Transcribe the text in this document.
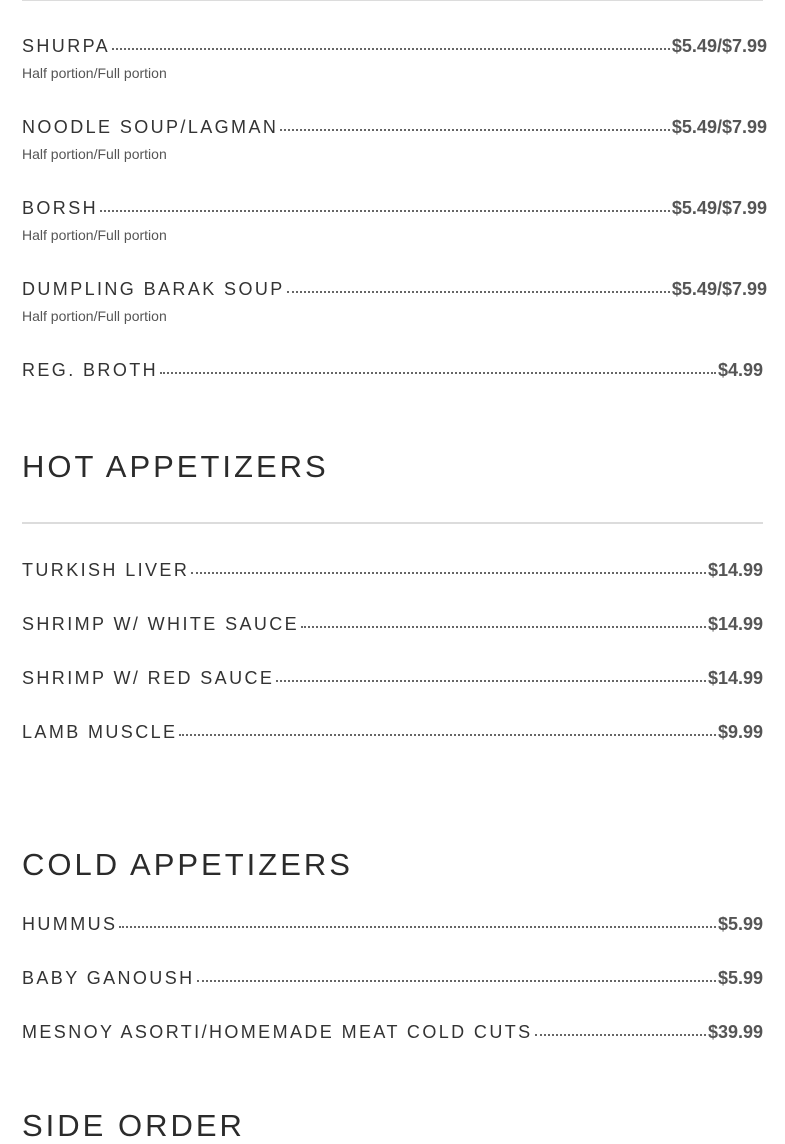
SHURPA	$5.49/$7.99
Half portion/Full portion
NOODLE SOUP/LAGMAN	$5.49/$7.99
Half portion/Full portion
BORSH	$5.49/$7.99
Half portion/Full portion
DUMPLING BARAK SOUP	$5.49/$7.99
Half portion/Full portion
REG. BROTH	$4.99
HOT APPETIZERS
TURKISH LIVER	$14.99
SHRIMP W/ WHITE SAUCE	$14.99
SHRIMP W/ RED SAUCE	$14.99
LAMB MUSCLE	$9.99
COLD APPETIZERS
HUMMUS	$5.99
BABY GANOUSH	$5.99
MESNOY ASORTI/HOMEMADE MEAT COLD CUTS	$39.99
SIDE ORDER
